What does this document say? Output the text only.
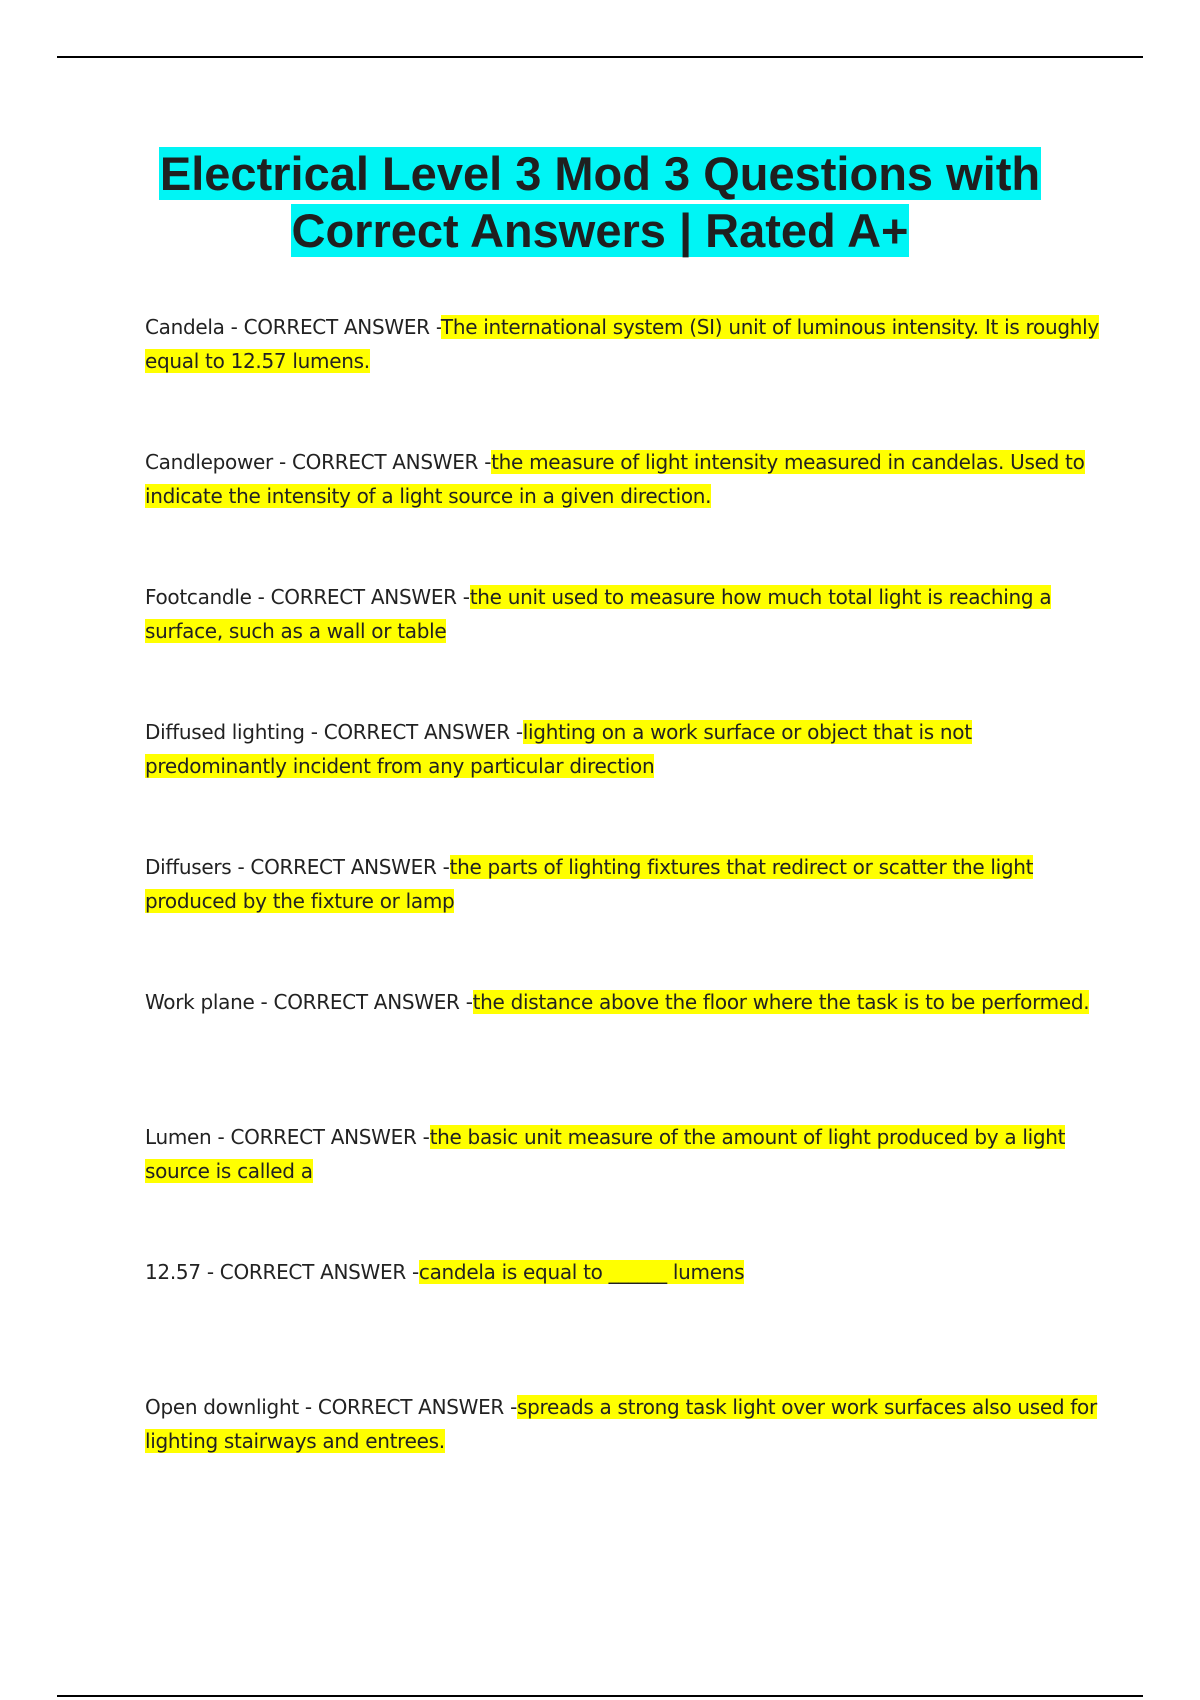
Electrical Level 3 Mod 3 Questions with

Correct Answers | Rated A+

Candela - CORRECT ANSWER -The international system (SI) unit of luminous intensity. It is roughly equal to 12.57 lumens.
Candlepower - CORRECT ANSWER -the measure of light intensity measured in candelas. Used to indicate the intensity of a light source in a given direction.
Footcandle - CORRECT ANSWER -the unit used to measure how much total light is reaching a surface, such as a wall or table
Diffused lighting - CORRECT ANSWER -lighting on a work surface or object that is not predominantly incident from any particular direction
Diffusers - CORRECT ANSWER -the parts of lighting fixtures that redirect or scatter the light produced by the fixture or lamp
Work plane - CORRECT ANSWER -the distance above the floor where the task is to be performed.
Lumen - CORRECT ANSWER -the basic unit measure of the amount of light produced by a light source is called a
12.57 - CORRECT ANSWER -candela is equal to ______ lumens
Open downlight - CORRECT ANSWER -spreads a strong task light over work surfaces also used for lighting stairways and entrees.
